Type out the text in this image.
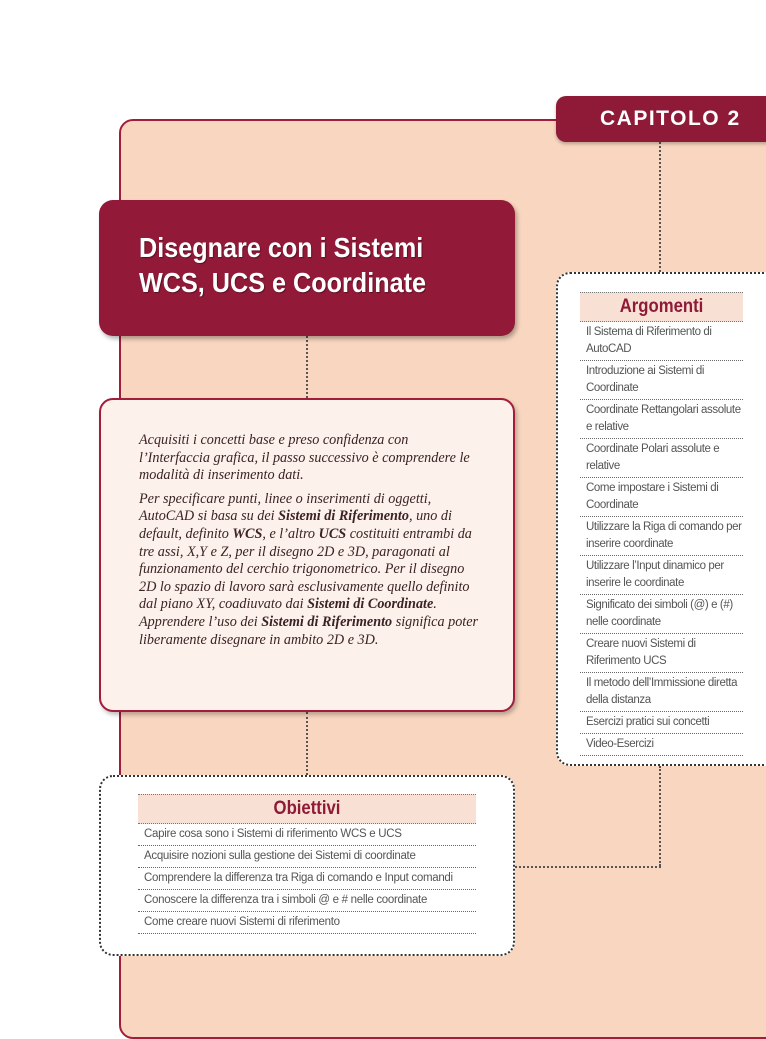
CAPITOLO 2
Disegnare con i Sistemi
WCS, UCS e Coordinate

Acquisiti i concetti base e preso confidenza con l’Interfaccia grafica, il passo successivo è comprendere le modalità di inserimento dati.

Per specificare punti, linee o inserimenti di oggetti, AutoCAD si basa su dei Sistemi di Riferimento, uno di default, definito WCS, e l’altro UCS costituiti entrambi da tre assi, X,Y e Z, per il disegno 2D e 3D, paragonati al funzionamento del cerchio trigonometrico. Per il disegno 2D lo spazio di lavoro sarà esclusivamente quello definito dal piano XY, coadiuvato dai Sistemi di Coordinate. Apprendere l’uso dei Sistemi di Riferimento significa poter liberamente disegnare in ambito 2D e 3D.

Argomenti
Il Sistema di Riferimento di AutoCAD
Introduzione ai Sistemi di Coordinate
Coordinate Rettangolari assolute e relative
Coordinate Polari assolute e relative
Come impostare i Sistemi di Coordinate
Utilizzare la Riga di comando per inserire coordinate
Utilizzare l’Input dinamico per inserire le coordinate
Significato dei simboli (@) e (#) nelle coordinate
Creare nuovi Sistemi di Riferimento UCS
Il metodo dell’Immissione diretta della distanza
Esercizi pratici sui concetti
Video-Esercizi
Obiettivi
Capire cosa sono i Sistemi di riferimento WCS e UCS
Acquisire nozioni sulla gestione dei Sistemi di coordinate
Comprendere la differenza tra Riga di comando e Input comandi
Conoscere la differenza tra i simboli @ e # nelle coordinate
Come creare nuovi Sistemi di riferimento
